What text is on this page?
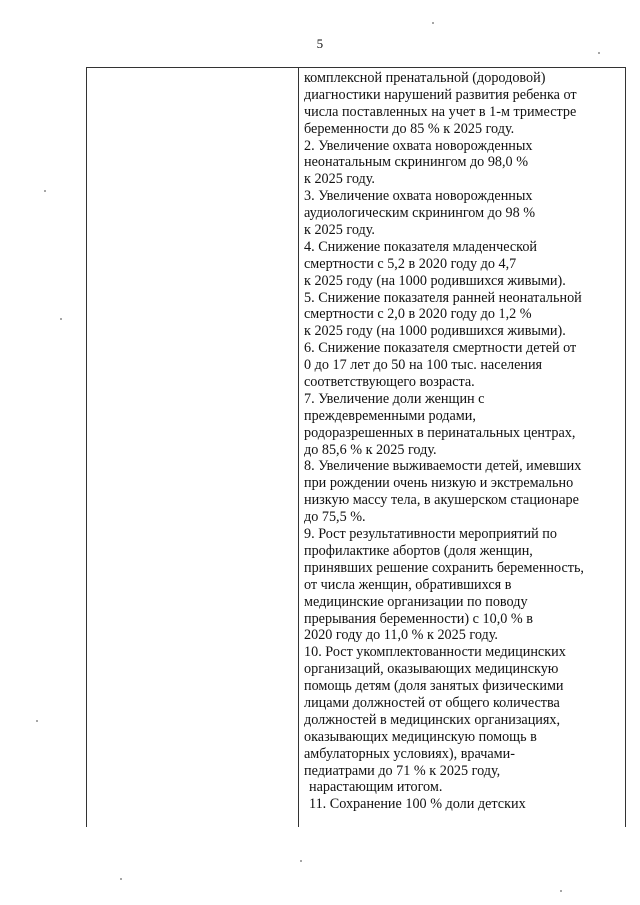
5
комплексной пренатальной (дородовой)
диагностики нарушений развития ребенка от
числа поставленных на учет в 1-м триместре
беременности до 85 % к 2025 году.
2. Увеличение охвата новорожденных
неонатальным скринингом до 98,0 %
к 2025 году.
3. Увеличение охвата новорожденных
аудиологическим скринингом до 98 %
к 2025 году.
4. Снижение показателя младенческой
смертности с 5,2 в 2020 году до 4,7
к 2025 году (на 1000 родившихся живыми).
5. Снижение показателя ранней неонатальной
смертности с 2,0 в 2020 году до 1,2 %
к 2025 году (на 1000 родившихся живыми).
6. Снижение показателя смертности детей от
0 до 17 лет до 50 на 100 тыс. населения
соответствующего возраста.
7. Увеличение доли женщин с
преждевременными родами,
родоразрешенных в перинатальных центрах,
до 85,6 % к 2025 году.
8. Увеличение выживаемости детей, имевших
при рождении очень низкую и экстремально
низкую массу тела, в акушерском стационаре
до 75,5 %.
9. Рост результативности мероприятий по
профилактике абортов (доля женщин,
принявших решение сохранить беременность,
от числа женщин, обратившихся в
медицинские организации по поводу
прерывания беременности) с 10,0 % в
2020 году до 11,0 % к 2025 году.
10. Рост укомплектованности медицинских
организаций, оказывающих медицинскую
помощь детям (доля занятых физическими
лицами должностей от общего количества
должностей в медицинских организациях,
оказывающих медицинскую помощь в
амбулаторных условиях), врачами-
педиатрами до 71 % к 2025 году,
нарастающим итогом.
11. Сохранение 100 % доли детских
